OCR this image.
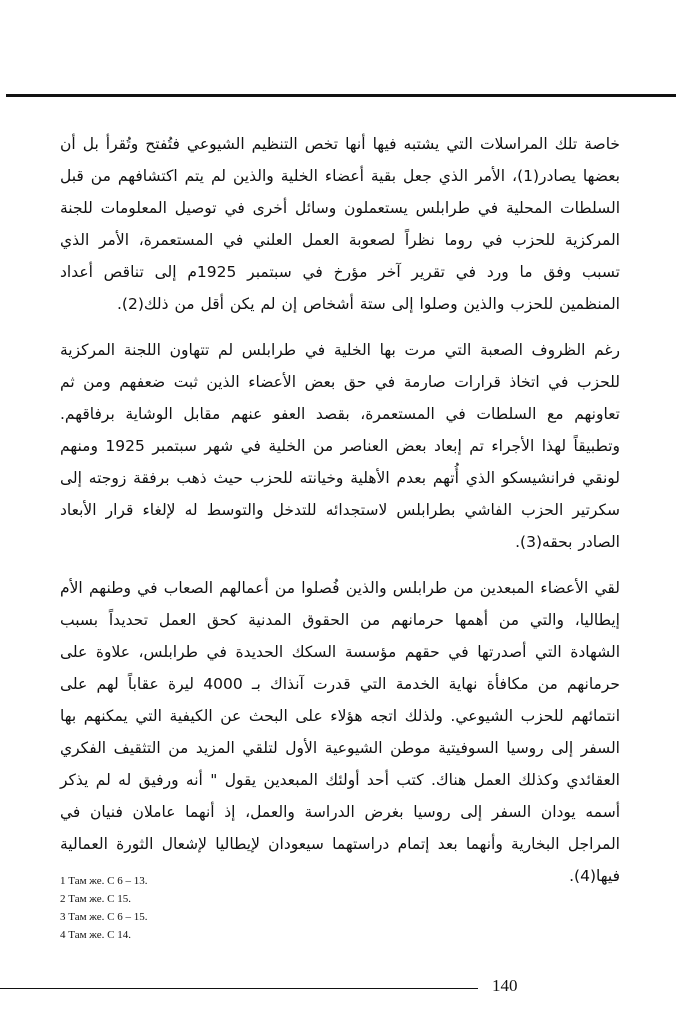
خاصة تلك المراسلات التي يشتبه فيها أنها تخص التنظيم الشيوعي فتُفتح وتُقرأ بل أن بعضها يصادر(1)، الأمر الذي جعل بقية أعضاء الخلية والذين لم يتم اكتشافهم من قبل السلطات المحلية في طرابلس يستعملون وسائل أخرى في توصيل المعلومات للجنة المركزية للحزب في روما نظراً لصعوبة العمل العلني في المستعمرة، الأمر الذي تسبب وفق ما ورد في تقرير آخر مؤرخ في سبتمبر 1925م إلى تناقص أعداد المنظمين للحزب والذين وصلوا إلى ستة أشخاص إن لم يكن أقل من ذلك(2).

رغم الظروف الصعبة التي مرت بها الخلية في طرابلس لم تتهاون اللجنة المركزية للحزب في اتخاذ قرارات صارمة في حق بعض الأعضاء الذين ثبت ضعفهم ومن ثم تعاونهم مع السلطات في المستعمرة، بقصد العفو عنهم مقابل الوشاية برفاقهم. وتطبيقاً لهذا الأجراء تم إبعاد بعض العناصر من الخلية في شهر سبتمبر 1925 ومنهم لونقي فرانشيسكو الذي أُتهم بعدم الأهلية وخيانته للحزب حيث ذهب برفقة زوجته إلى سكرتير الحزب الفاشي بطرابلس لاستجدائه للتدخل والتوسط له لإلغاء قرار الأبعاد الصادر بحقه(3).

لقي الأعضاء المبعدين من طرابلس والذين فُصلوا من أعمالهم الصعاب في وطنهم الأم إيطاليا، والتي من أهمها حرمانهم من الحقوق المدنية كحق العمل تحديداً بسبب الشهادة التي أصدرتها في حقهم مؤسسة السكك الحديدة في طرابلس، علاوة على حرمانهم من مكافأة نهاية الخدمة التي قدرت آنذاك بـ 4000 ليرة عقاباً لهم على انتمائهم للحزب الشيوعي. ولذلك اتجه هؤلاء على البحث عن الكيفية التي يمكنهم بها السفر إلى روسيا السوفيتية موطن الشيوعية الأول لتلقي المزيد من التثقيف الفكري العقائدي وكذلك العمل هناك. كتب أحد أولئك المبعدين يقول " أنه ورفيق له لم يذكر أسمه يودان السفر إلى روسيا بغرض الدراسة والعمل، إذ أنهما عاملان فنيان في المراجل البخارية وأنهما بعد إتمام دراستهما سيعودان لإيطاليا لإشعال الثورة العمالية فيها(4).

1 Там же. С 6 – 13.
2 Там же. С 15.
3 Там же. С 6 – 15.
4 Там же. С 14.
140
